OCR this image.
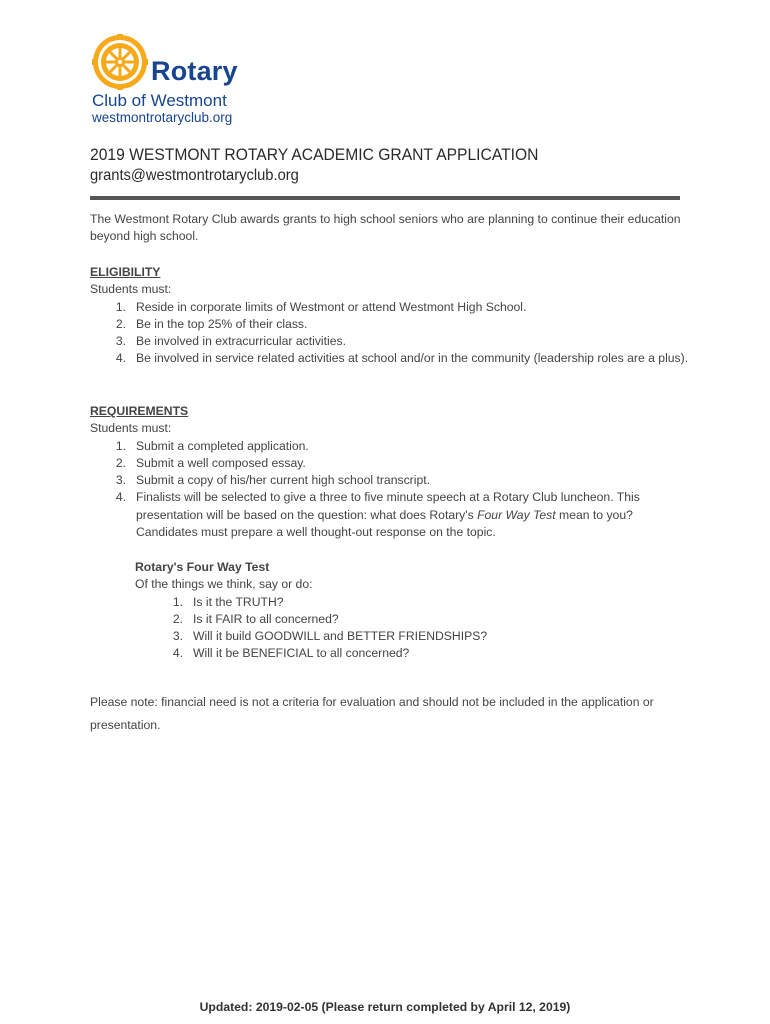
Rotary
Club of Westmont
westmontrotaryclub.org
2019 WESTMONT ROTARY ACADEMIC GRANT APPLICATION
grants@westmontrotaryclub.org
The Westmont Rotary Club awards grants to high school seniors who are planning to continue their education beyond high school.

ELIGIBILITY

Students must:

1. Reside in corporate limits of Westmont or attend Westmont High School.
2. Be in the top 25% of their class.
3. Be involved in extracurricular activities.
4. Be involved in service related activities at school and/or in the community (leadership roles are a plus).

REQUIREMENTS

Students must:

1. Submit a completed application.
2. Submit a well composed essay.
3. Submit a copy of his/her current high school transcript.
4. Finalists will be selected to give a three to five minute speech at a Rotary Club luncheon. This presentation will be based on the question: what does Rotary's Four Way Test mean to you? Candidates must prepare a well thought-out response on the topic.

Rotary's Four Way Test

Of the things we think, say or do:

1. Is it the TRUTH?
2. Is it FAIR to all concerned?
3. Will it build GOODWILL and BETTER FRIENDSHIPS?
4. Will it be BENEFICIAL to all concerned?
Please note: financial need is not a criteria for evaluation and should not be included in the application or presentation.
Updated: 2019-02-05 (Please return completed by April 12, 2019)
